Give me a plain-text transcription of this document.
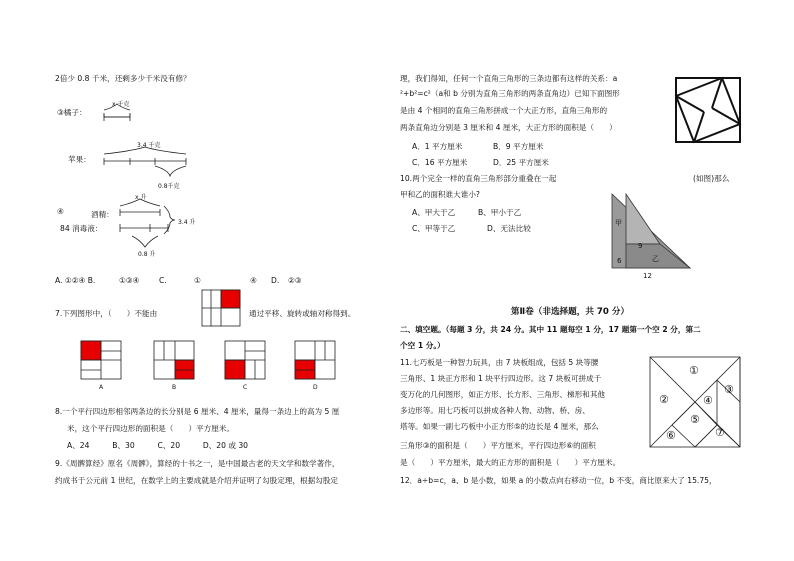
2倍少 0.8 千米，还剩多少千米没有修？
③橘子：
x 千克
苹果：
3.4 千克
0.8千克
④	酒精：
84 消毒液：
x 升
3.4 升
0.8 升
A. ①②④ B.	①③④	C.	①	④ D. ②③
7.下列图形中，（　　）不能由	通过平移、旋转或轴对称得到。
A	B	C	D
8.一个平行四边形相邻两条边的长分别是 6 厘米、4 厘米，量得一条边上的高为 5 厘
米，这个平行四边形的面积是（　　）平方厘米。
A、24　　　B、30　　　C、20　　　D、20 或 30
9.《周髀算经》原名《周髀》，算经的十书之一，是中国最古老的天文学和数学著作，
约成书于公元前 1 世纪，在数学上的主要成就是介绍并证明了勾股定理，根据勾股定
理，我们得知，任何一个直角三角形的三条边都有这样的关系：a
²+b²=c²（a和 b 分别为直角三角形的两条直角边）已知下面图形
是由 4 个相同的直角三角形拼成一个大正方形，直角三角形的
两条直角边分别是 3 厘米和 4 厘米，大正方形的面积是（　　）
A．1 平方厘米	B．9 平方厘米
C．16 平方厘米	D．25 平方厘米
10.两个完全一样的直角三角形部分重叠在一起	(如图)那么
甲和乙的面积谁大谁小?
A、甲大于乙	B、甲小于乙
C、甲等于乙	D、无法比较
甲
9
乙
6
12
第Ⅱ卷（非选择题，共 70 分）
二、填空题。（每题 3 分，共 24 分。其中 11 题每空 1 分，17 题第一个空 2 分，第二
个空 1 分。）
11.七巧板是一种智力玩具，由 7 块板组成，包括 5 块等腰
三角形、1 块正方形和 1 块平行四边形。这 7 块板可拼成千
变万化的几何图形，如正方形、长方形、三角形、梯形和其他
多边形等。用七巧板可以拼成各种人物、动物、桥、房、
塔等。如果一副七巧板中小正方形⑤的边长是 4 厘米，那么
三角形③的面积是（　　）平方厘米，平行四边形⑥的面积
是（　　）平方厘米，最大的正方形的面积是（　　）平方厘米。
①
②
③
④
⑤
⑥	⑦
12．a÷b=c，a、b 是小数，如果 a 的小数点向右移动一位，b 不变，商比原来大了 15.75，
